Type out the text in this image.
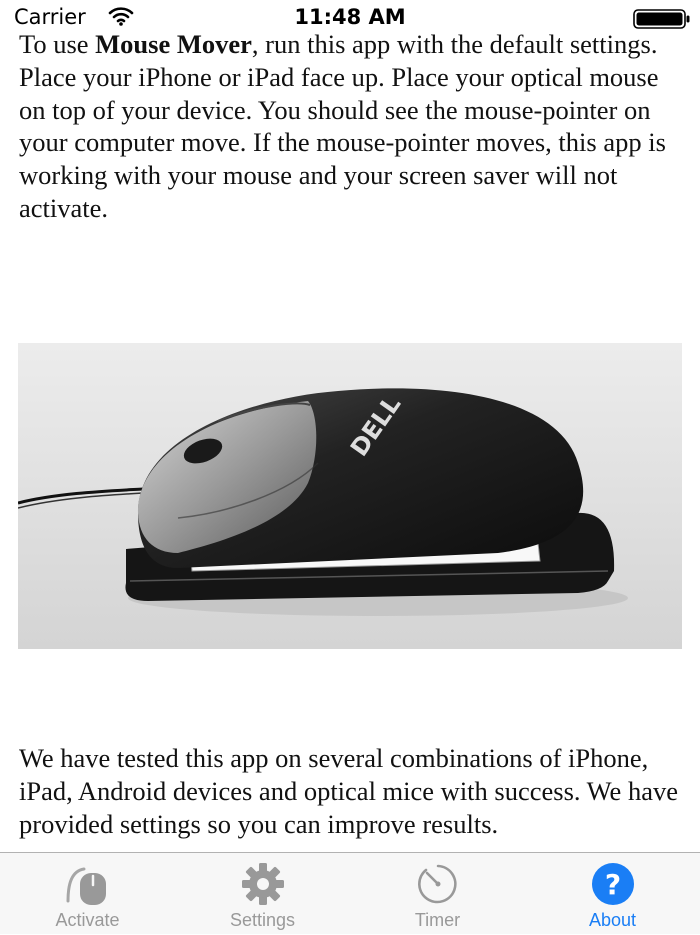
Carrier	11:48 AM

To use Mouse Mover, run this app with the default settings. Place your iPhone or iPad face up. Place your optical mouse on top of your device. You should see the mouse-pointer on your computer move. If the mouse-pointer moves, this app is working with your mouse and your screen saver will not activate.

DELL

We have tested this app on several combinations of iPhone, iPad, Android devices and optical mice with success. We have provided settings so you can improve results.

Activate	Settings	Timer
?
About
